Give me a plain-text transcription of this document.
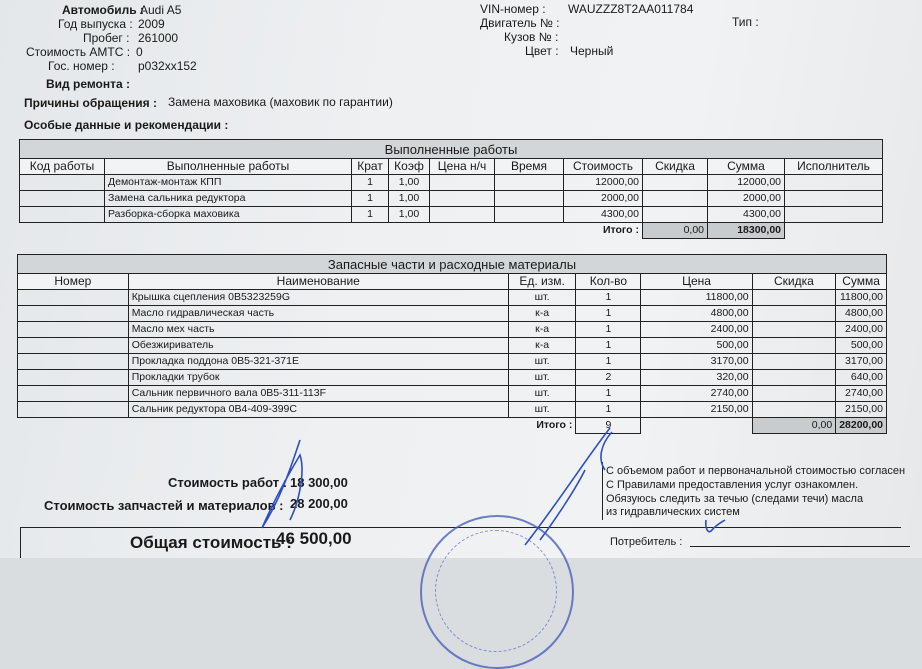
Автомобиль :
Audi A5
Год выпуска : 2009
Пробег : 261000
Стоимость АМТС : 0
Гос. номер : p032xx152
Вид ремонта :
VIN-номер : WAUZZZ8T2AA011784
Двигатель № :
Кузов № :
Цвет : Черный
Тип :
Причины обращения : Замена маховика (маховик по гарантии)
Особые данные и рекомендации :
Выполненные работы									
Код работы	Выполненные работы	Крат	Коэф	Цена н/ч	Время	Стоимость	Скидка	Сумма	Исполнитель
	Демонтаж-монтаж КПП	1	1,00			12000,00		12000,00	
	Замена сальника редуктора	1	1,00			2000,00		2000,00	
	Разборка-сборка маховика	1	1,00			4300,00		4300,00	
						Итого :	0,00	18300,00	
Запасные части и расходные материалы						
Номер	Наименование	Ед. изм.	Кол-во	Цена	Скидка	Сумма
	Крышка сцепления 0В5323259G	шт.	1	11800,00		11800,00
	Масло гидравлическая часть	к-а	1	4800,00		4800,00
	Масло мех часть	к-а	1	2400,00		2400,00
	Обезжириватель	к-а	1	500,00		500,00
	Прокладка поддона 0В5-321-371Е	шт.	1	3170,00		3170,00
	Прокладки трубок	шт.	2	320,00		640,00
	Сальник первичного вала 0В5-311-113F	шт.	1	2740,00		2740,00
	Сальник редуктора 0В4-409-399С	шт.	1	2150,00		2150,00
		Итого :	9		0,00	28200,00
Стоимость работ : 18 300,00
Стоимость запчастей и материалов : 28 200,00
Общая стоимость :
46 500,00
С объемом работ и первоначальной стоимостью согласен
С Правилами предоставления услуг ознакомлен.
Обязуюсь следить за течью (следами течи) масла
из гидравлических систем
Потребитель :
